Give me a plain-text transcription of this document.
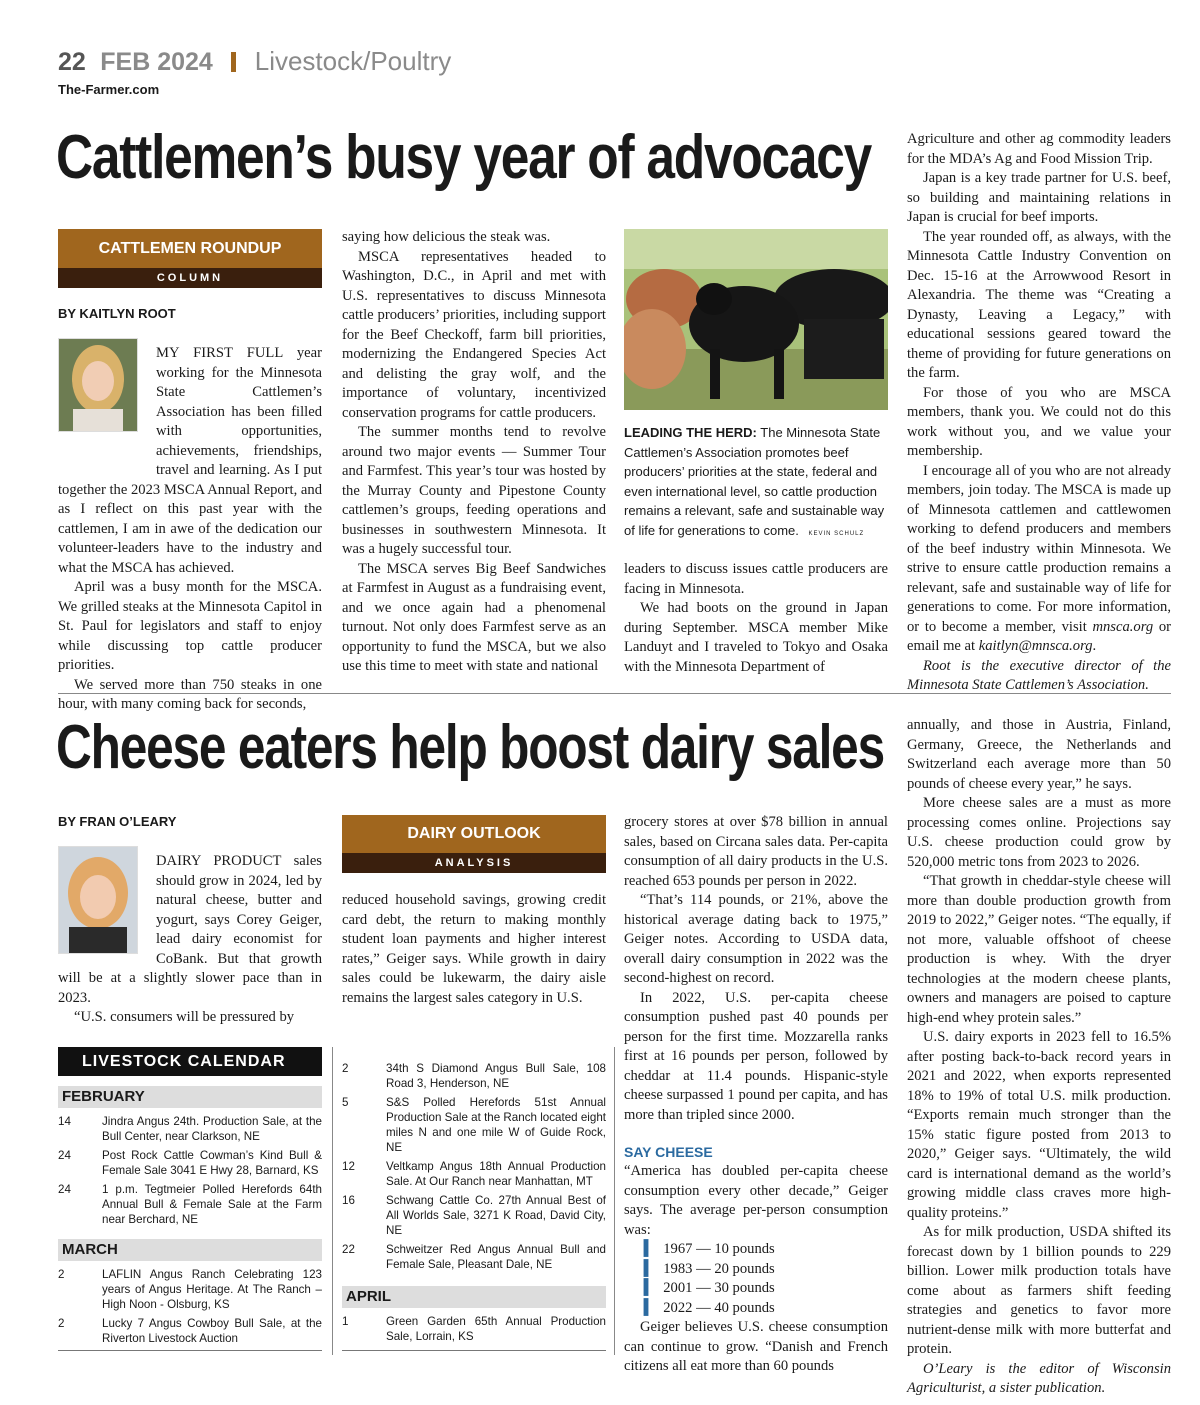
22 FEB 2024 Livestock/Poultry
The-Farmer.com
Cattlemen’s busy year of advocacy
CATTLEMEN ROUNDUP
COLUMN
BY KAITLYN ROOT

MY FIRST FULL year working for the Minnesota State Cattlemen’s Association has been filled with opportunities, achievements, friendships, travel and learning. As I put together the 2023 MSCA Annual Report, and as I reflect on this past year with the cattlemen, I am in awe of the dedication our volunteer-leaders have to the industry and what the MSCA has achieved.

April was a busy month for the MSCA. We grilled steaks at the Minnesota Capitol in St. Paul for legislators and staff to enjoy while discussing top cattle producer priorities.

We served more than 750 steaks in one hour, with many coming back for seconds,

saying how delicious the steak was.

MSCA representatives headed to Washington, D.C., in April and met with U.S. representatives to discuss Minnesota cattle producers’ priorities, including support for the Beef Checkoff, farm bill priorities, modernizing the Endangered Species Act and delisting the gray wolf, and the importance of voluntary, incentivized conservation programs for cattle producers.

The summer months tend to revolve around two major events — Summer Tour and Farmfest. This year’s tour was hosted by the Murray County and Pipestone County cattlemen’s groups, feeding operations and businesses in southwestern Minnesota. It was a hugely successful tour.

The MSCA serves Big Beef Sandwiches at Farmfest in August as a fundraising event, and we once again had a phenomenal turnout. Not only does Farmfest serve as an opportunity to fund the MSCA, but we also use this time to meet with state and national

LEADING THE HERD: The Minnesota State Cattlemen’s Association promotes beef producers’ priorities at the state, federal and even international level, so cattle production remains a relevant, safe and sustainable way of life for generations to come. KEVIN SCHULZ

leaders to discuss issues cattle producers are facing in Minnesota.

We had boots on the ground in Japan during September. MSCA member Mike Landuyt and I traveled to Tokyo and Osaka with the Minnesota Department of

Agriculture and other ag commodity leaders for the MDA’s Ag and Food Mission Trip.

Japan is a key trade partner for U.S. beef, so building and maintaining relations in Japan is crucial for beef imports.

The year rounded off, as always, with the Minnesota Cattle Industry Convention on Dec. 15-16 at the Arrowwood Resort in Alexandria. The theme was “Creating a Dynasty, Leaving a Legacy,” with educational sessions geared toward the theme of providing for future generations on the farm.

For those of you who are MSCA members, thank you. We could not do this work without you, and we value your membership.

I encourage all of you who are not already members, join today. The MSCA is made up of Minnesota cattlemen and cattlewomen working to defend producers and members of the beef industry within Minnesota. We strive to ensure cattle production remains a relevant, safe and sustainable way of life for generations to come. For more information, or to become a member, visit mnsca.org or email me at kaitlyn@mnsca.org.

Root is the executive director of the Minnesota State Cattlemen’s Association.

Cheese eaters help boost dairy sales
BY FRAN O’LEARY

DAIRY PRODUCT sales should grow in 2024, led by natural cheese, butter and yogurt, says Corey Geiger, lead dairy economist for CoBank. But that growth will be at a slightly slower pace than in 2023.

“U.S. consumers will be pressured by

DAIRY OUTLOOK
ANALYSIS

reduced household savings, growing credit card debt, the return to making monthly student loan payments and higher interest rates,” Geiger says. While growth in dairy sales could be lukewarm, the dairy aisle remains the largest sales category in U.S.

grocery stores at over $78 billion in annual sales, based on Circana sales data. Per-capita consumption of all dairy products in the U.S. reached 653 pounds per person in 2022.

“That’s 114 pounds, or 21%, above the historical average dating back to 1975,” Geiger notes. According to USDA data, overall dairy consumption in 2022 was the second-highest on record.

In 2022, U.S. per-capita cheese consumption pushed past 40 pounds per person for the first time. Mozzarella ranks first at 16 pounds per person, followed by cheddar at 11.4 pounds. Hispanic-style cheese surpassed 1 pound per capita, and has more than tripled since 2000.

SAY CHEESE

“America has doubled per-capita cheese consumption every other decade,” Geiger says. The average per-person consumption was:

▍ 1967 — 10 pounds
▍ 1983 — 20 pounds
▍ 2001 — 30 pounds
▍ 2022 — 40 pounds

Geiger believes U.S. cheese consumption can continue to grow. “Danish and French citizens all eat more than 60 pounds

annually, and those in Austria, Finland, Germany, Greece, the Netherlands and Switzerland each average more than 50 pounds of cheese every year,” he says.

More cheese sales are a must as more processing comes online. Projections say U.S. cheese production could grow by 520,000 metric tons from 2023 to 2026.

“That growth in cheddar-style cheese will more than double production growth from 2019 to 2022,” Geiger notes. “The equally, if not more, valuable offshoot of cheese production is whey. With the dryer technologies at the modern cheese plants, owners and managers are poised to capture high-end whey protein sales.”

U.S. dairy exports in 2023 fell to 16.5% after posting back-to-back record years in 2021 and 2022, when exports represented 18% to 19% of total U.S. milk production. “Exports remain much stronger than the 15% static figure posted from 2013 to 2020,” Geiger says. “Ultimately, the wild card is international demand as the world’s growing middle class craves more high-quality proteins.”

As for milk production, USDA shifted its forecast down by 1 billion pounds to 229 billion. Lower milk production totals have come about as farmers shift feeding strategies and genetics to favor more nutrient-dense milk with more butterfat and protein.

O’Leary is the editor of Wisconsin Agriculturist, a sister publication.

LIVESTOCK CALENDAR
FEBRUARY
14	Jindra Angus 24th. Production Sale, at the Bull Center, near Clarkson, NE
24	Post Rock Cattle Cowman’s Kind Bull & Female Sale 3041 E Hwy 28, Barnard, KS
24	1 p.m. Tegtmeier Polled Herefords 64th Annual Bull & Female Sale at the Farm near Berchard, NE
MARCH
2	LAFLIN Angus Ranch Celebrating 123 years of Angus Heritage. At The Ranch – High Noon - Olsburg, KS
2	Lucky 7 Angus Cowboy Bull Sale, at the Riverton Livestock Auction
2	34th S Diamond Angus Bull Sale, 108 Road 3, Henderson, NE
5	S&S Polled Herefords 51st Annual Production Sale at the Ranch located eight miles N and one mile W of Guide Rock, NE
12	Veltkamp Angus 18th Annual Production Sale. At Our Ranch near Manhattan, MT
16	Schwang Cattle Co. 27th Annual Best of All Worlds Sale, 3271 K Road, David City, NE
22	Schweitzer Red Angus Annual Bull and Female Sale, Pleasant Dale, NE
APRIL
1	Green Garden 65th Annual Production Sale, Lorrain, KS
